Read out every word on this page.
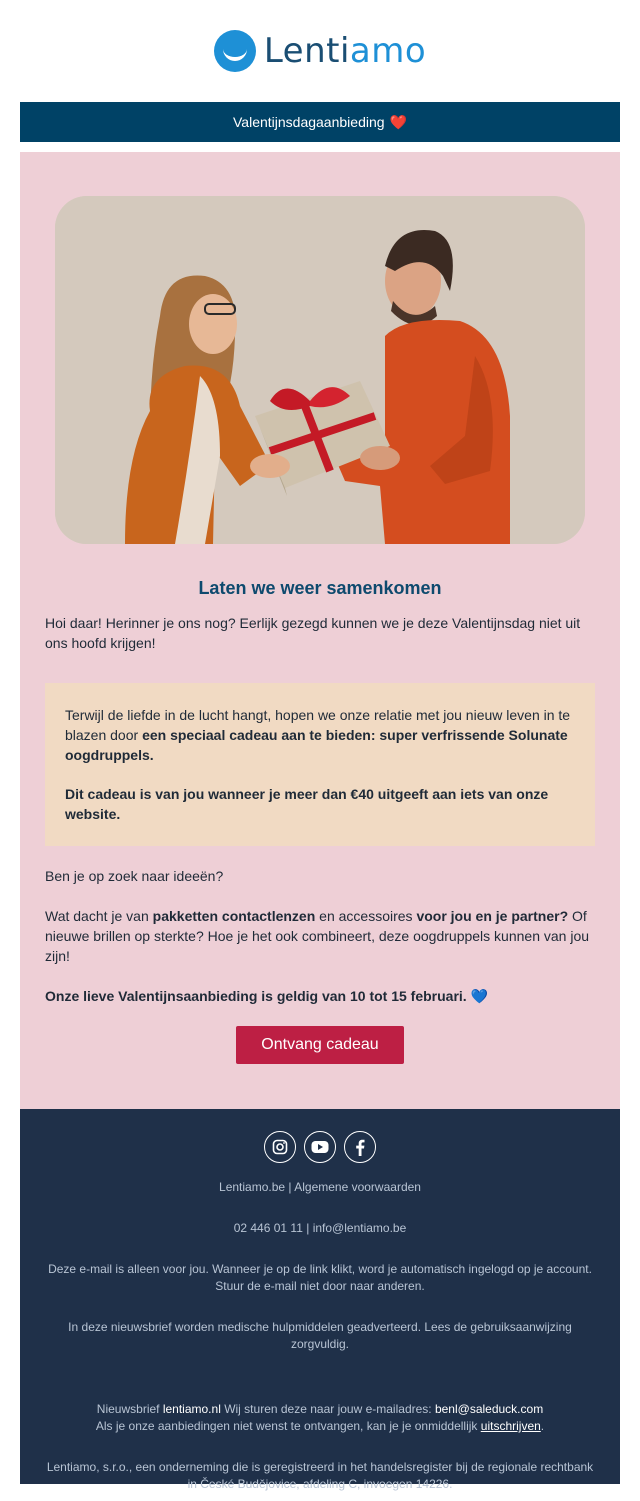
Lentiamo
Valentijnsdagaanbieding ❤️
Laten we weer samenkomen

Hoi daar! Herinner je ons nog? Eerlijk gezegd kunnen we je deze Valentijnsdag niet uit ons hoofd krijgen!

Terwijl de liefde in de lucht hangt, hopen we onze relatie met jou nieuw leven in te blazen door een speciaal cadeau aan te bieden: super verfrissende Solunate oogdruppels.

Dit cadeau is van jou wanneer je meer dan €40 uitgeeft aan iets van onze website.

Ben je op zoek naar ideeën?

Wat dacht je van pakketten contactlenzen en accessoires voor jou en je partner? Of nieuwe brillen op sterkte? Hoe je het ook combineert, deze oogdruppels kunnen van jou zijn!

Onze lieve Valentijnsaanbieding is geldig van 10 tot 15 februari. 💙

Ontvang cadeau

Lentiamo.be | Algemene voorwaarden

02 446 01 11 | info@lentiamo.be

Deze e-mail is alleen voor jou. Wanneer je op de link klikt, word je automatisch ingelogd op je account. Stuur de e-mail niet door naar anderen.

In deze nieuwsbrief worden medische hulpmiddelen geadverteerd. Lees de gebruiksaanwijzing zorgvuldig.

Nieuwsbrief lentiamo.nl Wij sturen deze naar jouw e-mailadres: benl@saleduck.com

Als je onze aanbiedingen niet wenst te ontvangen, kan je je onmiddellijk uitschrijven.

Lentiamo, s.r.o., een onderneming die is geregistreerd in het handelsregister bij de regionale rechtbank in České Budějovice, afdeling C, invoegen 14226.
